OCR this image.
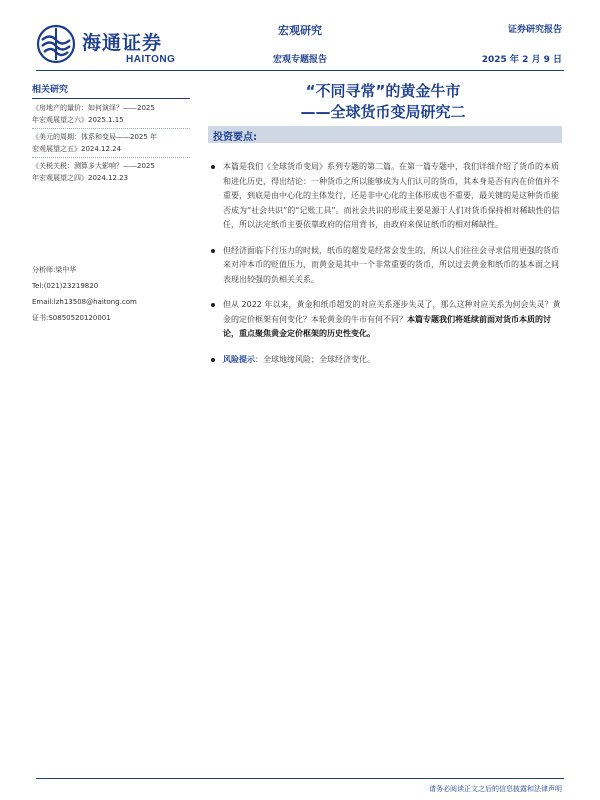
海通证券
HAITONG
宏观研究
宏观专题报告
证券研究报告
2025 年 2 月 9 日
相关研究
《房地产的量价：如何演绎？——2025
年宏观展望之六》2025.1.15
《美元的周期：体系和变局——2025 年
宏观展望之五》2024.12.24
《关税关税：测算多大影响？——2025
年宏观展望之四》2024.12.23
分析师:梁中华
Tel:(021)23219820
Email:lzh13508@haitong.com
证书:S0850520120001
“不同寻常”的黄金牛市
——全球货币变局研究二
投资要点:
本篇是我们《全球货币变局》系列专题的第二篇。在第一篇专题中，我们详细介绍了货币的本质和进化历史，得出结论：一种货币之所以能够成为人们认可的货币，其本身是否有内在价值并不重要，到底是由中心化的主体发行，还是非中心化的主体形成也不重要，最关键的是这种货币能否成为“社会共识”的“记账工具”。而社会共识的形成主要是源于人们对货币保持相对稀缺性的信任，所以法定纸币主要依靠政府的信用背书，由政府来保证纸币的相对稀缺性。
但经济面临下行压力的时候，纸币的超发是经常会发生的，所以人们往往会寻求信用更强的货币来对冲本币的贬值压力，而黄金是其中一个非常重要的货币，所以过去黄金和纸币的基本面之间表现出较强的负相关关系。
但从 2022 年以来，黄金和纸币超发的对应关系逐步失灵了，那么这种对应关系为何会失灵？黄金的定价框架有何变化？本轮黄金的牛市有何不同？本篇专题我们将延续前面对货币本质的讨论，重点聚焦黄金定价框架的历史性变化。
风险提示：全球地缘风险；全球经济变化。
请务必阅读正文之后的信息披露和法律声明
